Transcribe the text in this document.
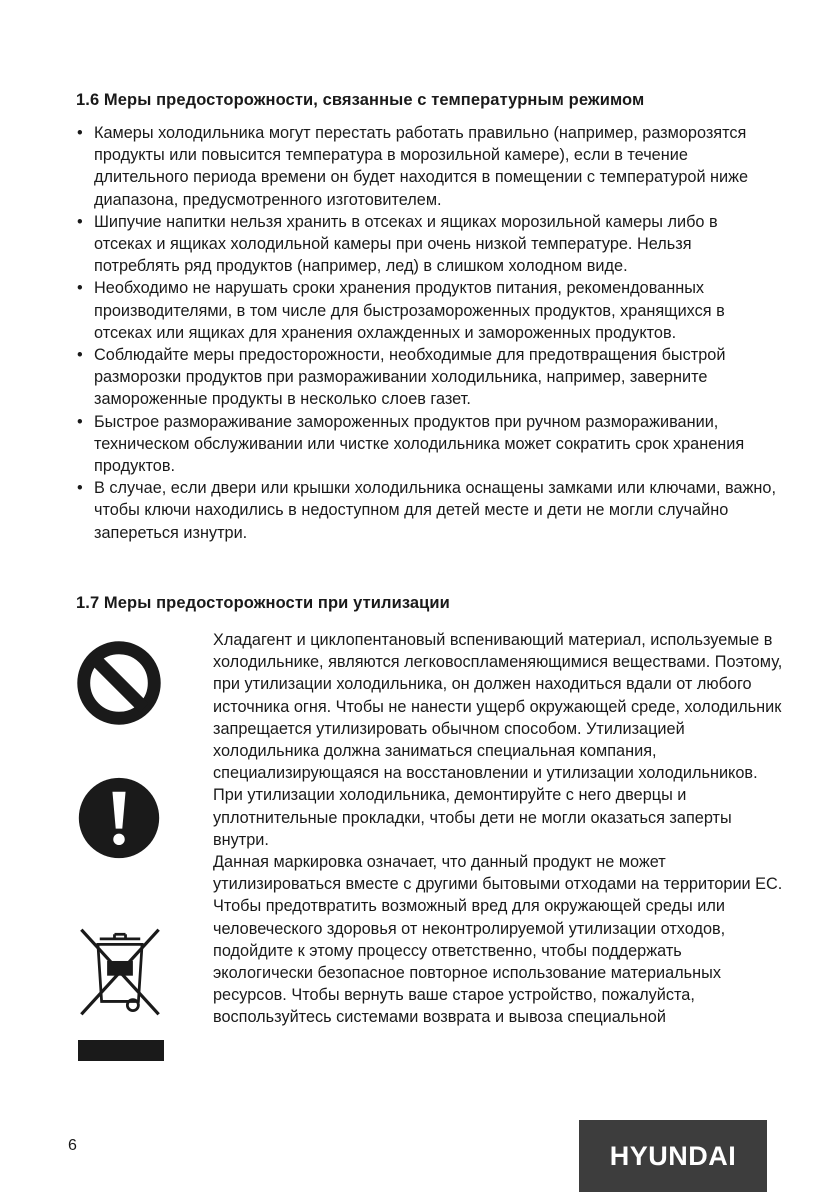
1.6 Меры предосторожности, связанные с температурным режимом
• Камеры холодильника могут перестать работать правильно (например, разморозятся продукты или повысится температура в морозильной камере), если в течение длительного периода времени он будет находится в помещении с температурой ниже диапазона, предусмотренного изготовителем.
• Шипучие напитки нельзя хранить в отсеках и ящиках морозильной камеры либо в отсеках и ящиках холодильной камеры при очень низкой температуре. Нельзя потреблять ряд продуктов (например, лед) в слишком холодном виде.
• Необходимо не нарушать сроки хранения продуктов питания, рекомендованных производителями, в том числе для быстрозамороженных продуктов, хранящихся в отсеках или ящиках для хранения охлажденных и замороженных продуктов.
• Соблюдайте меры предосторожности, необходимые для предотвращения быстрой разморозки продуктов при размораживании холодильника, например, заверните замороженные продукты в несколько слоев газет.
• Быстрое размораживание замороженных продуктов при ручном размораживании, техническом обслуживании или чистке холодильника может сократить срок хранения продуктов.
• В случае, если двери или крышки холодильника оснащены замками или ключами, важно, чтобы ключи находились в недоступном для детей месте и дети не могли случайно запереться изнутри.
1.7 Меры предосторожности при утилизации

Хладагент и циклопентановый вспенивающий материал, используемые в холодильнике, являются легковоспламеняющимися веществами. Поэтому, при утилизации холодильника, он должен находиться вдали от любого источника огня. Чтобы не нанести ущерб окружающей среде, холодильник запрещается утилизировать обычном способом. Утилизацией холодильника должна заниматься специальная компания, специализирующаяся на восстановлении и утилизации холодильников.

При утилизации холодильника, демонтируйте с него дверцы и уплотнительные прокладки, чтобы дети не могли оказаться заперты внутри.

Данная маркировка означает, что данный продукт не может утилизироваться вместе с другими бытовыми отходами на территории ЕС. Чтобы предотвратить возможный вред для окружающей среды или человеческого здоровья от неконтролируемой утилизации отходов, подойдите к этому процессу ответственно, чтобы поддержать экологически безопасное повторное использование материальных ресурсов. Чтобы вернуть ваше старое устройство, пожалуйста, воспользуйтесь системами возврата и вывоза специальной

6	HYUNDAI
